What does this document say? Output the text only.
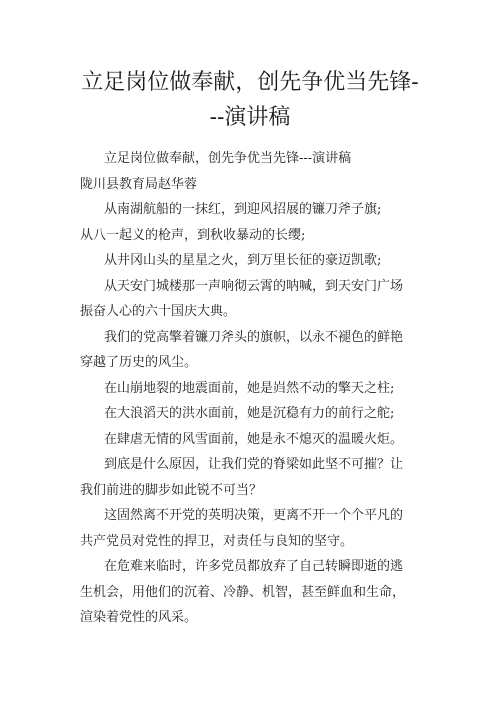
立足岗位做奉献，创先争优当先锋-
--演讲稿
立足岗位做奉献，创先争优当先锋---演讲稿
陇川县教育局赵华蓉
从南湖航船的一抹红，到迎风招展的镰刀斧子旗;
从八一起义的枪声，到秋收暴动的长缨;
从井冈山头的星星之火，到万里长征的豪迈凯歌;
从天安门城楼那一声响彻云霄的呐喊，到天安门广场
振奋人心的六十国庆大典。
我们的党高擎着镰刀斧头的旗帜，以永不褪色的鲜艳
穿越了历史的风尘。
在山崩地裂的地震面前，她是岿然不动的擎天之柱;
在大浪滔天的洪水面前，她是沉稳有力的前行之舵;
在肆虐无情的风雪面前，她是永不熄灭的温暖火炬。
到底是什么原因，让我们党的脊梁如此坚不可摧？让
我们前进的脚步如此锐不可当？
这固然离不开党的英明决策，更离不开一个个平凡的
共产党员对党性的捍卫，对责任与良知的坚守。
在危难来临时，许多党员都放弃了自己转瞬即逝的逃
生机会，用他们的沉着、冷静、机智，甚至鲜血和生命，
渲染着党性的风采。
